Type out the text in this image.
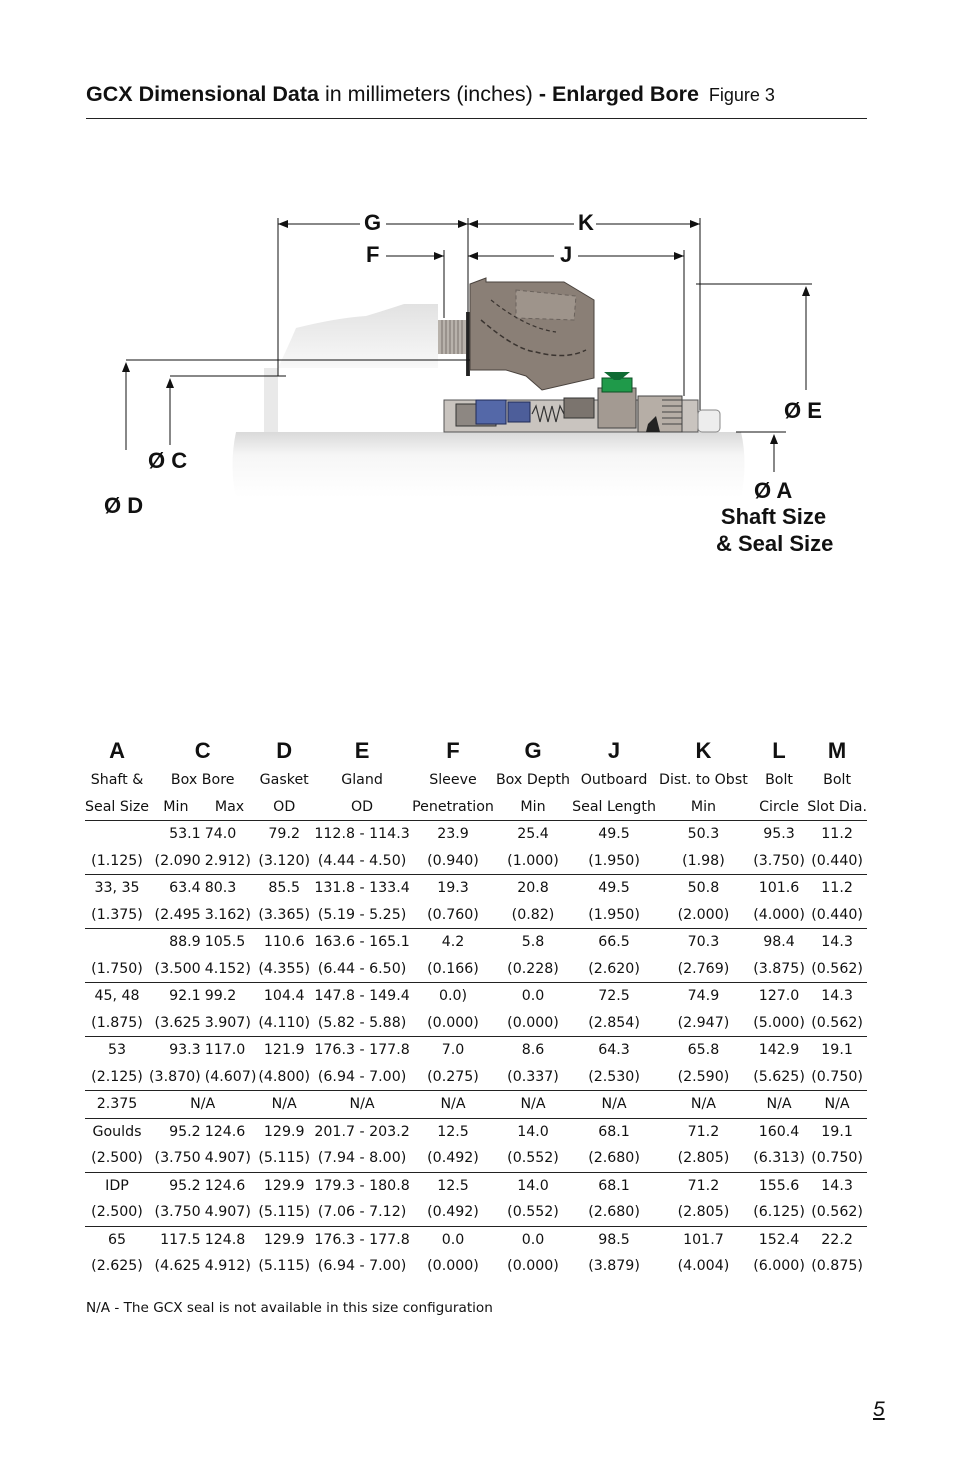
GCX Dimensional Data in millimeters (inches) - Enlarged Bore Figure 3
G	K
F	J
Ø E
Ø C
Ø D
Ø A
Shaft Size
& Seal Size
A	C		D	E	F	G	J	K	L	M
Shaft &	Box Bore		Gasket	Gland	Sleeve	Box Depth	Outboard	Dist. to Obst	Bolt	Bolt
Seal Size	Min	Max	OD	OD	Penetration	Min	Seal Length	Min	Circle	Slot Dia.
	53.1	74.0	79.2	112.8 - 114.3	23.9	25.4	49.5	50.3	95.3	11.2
(1.125)	(2.090	2.912)	(3.120)	(4.44 - 4.50)	(0.940)	(1.000)	(1.950)	(1.98)	(3.750)	(0.440)
33, 35	63.4	80.3	85.5	131.8 - 133.4	19.3	20.8	49.5	50.8	101.6	11.2
(1.375)	(2.495	3.162)	(3.365)	(5.19 - 5.25)	(0.760)	(0.82)	(1.950)	(2.000)	(4.000)	(0.440)
	88.9	105.5	110.6	163.6 - 165.1	4.2	5.8	66.5	70.3	98.4	14.3
(1.750)	(3.500	4.152)	(4.355)	(6.44 - 6.50)	(0.166)	(0.228)	(2.620)	(2.769)	(3.875)	(0.562)
45, 48	92.1	99.2	104.4	147.8 - 149.4	0.0)	0.0	72.5	74.9	127.0	14.3
(1.875)	(3.625	3.907)	(4.110)	(5.82 - 5.88)	(0.000)	(0.000)	(2.854)	(2.947)	(5.000)	(0.562)
53	93.3	117.0	121.9	176.3 - 177.8	7.0	8.6	64.3	65.8	142.9	19.1
(2.125)	(3.870)	(4.607)	(4.800)	(6.94 - 7.00)	(0.275)	(0.337)	(2.530)	(2.590)	(5.625)	(0.750)
2.375	N/A		N/A	N/A	N/A	N/A	N/A	N/A	N/A	N/A
Goulds	95.2	124.6	129.9	201.7 - 203.2	12.5	14.0	68.1	71.2	160.4	19.1
(2.500)	(3.750	4.907)	(5.115)	(7.94 - 8.00)	(0.492)	(0.552)	(2.680)	(2.805)	(6.313)	(0.750)
IDP	95.2	124.6	129.9	179.3 - 180.8	12.5	14.0	68.1	71.2	155.6	14.3
(2.500)	(3.750	4.907)	(5.115)	(7.06 - 7.12)	(0.492)	(0.552)	(2.680)	(2.805)	(6.125)	(0.562)
65	117.5	124.8	129.9	176.3 - 177.8	0.0	0.0	98.5	101.7	152.4	22.2
(2.625)	(4.625	4.912)	(5.115)	(6.94 - 7.00)	(0.000)	(0.000)	(3.879)	(4.004)	(6.000)	(0.875)
N/A - The GCX seal is not available in this size configuration
5
